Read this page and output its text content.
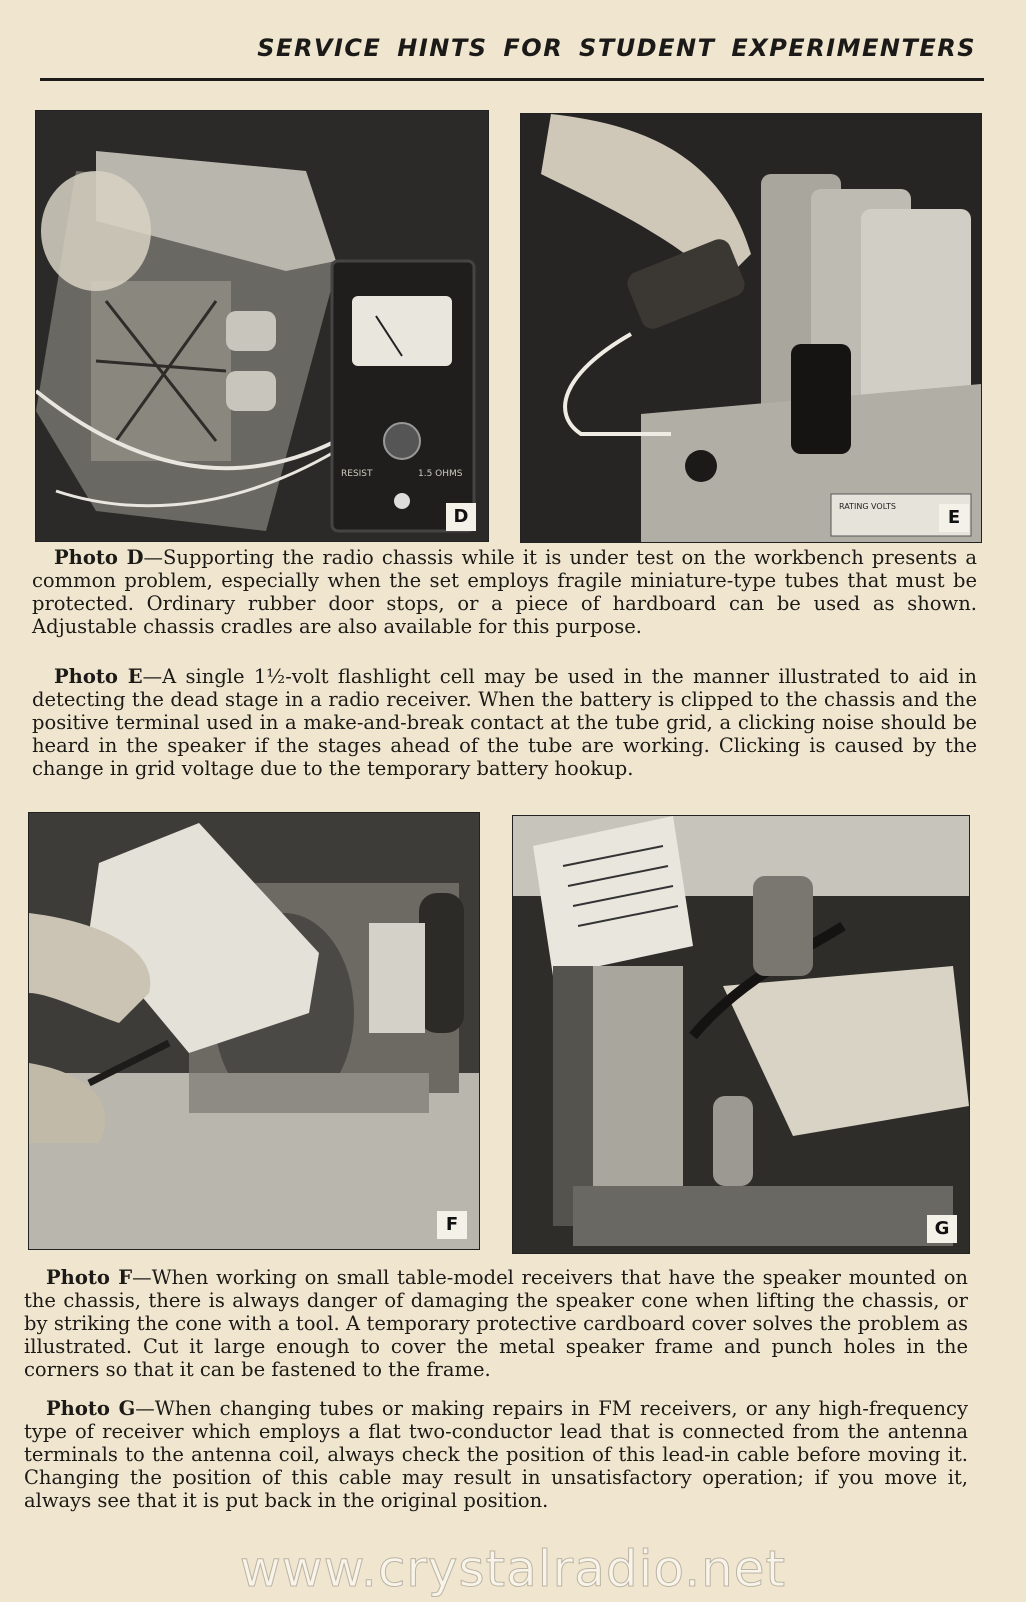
SERVICE HINTS FOR STUDENT EXPERIMENTERS
RESIST	1.5 OHMS
D	RATING VOLTS
E

Photo D—Supporting the radio chassis while it is under test on the workbench presents a common problem, especially when the set employs fragile miniature-type tubes that must be protected. Ordinary rubber door stops, or a piece of hardboard can be used as shown. Adjustable chassis cradles are also available for this purpose.

Photo E—A single 1½-volt flashlight cell may be used in the manner illustrated to aid in detecting the dead stage in a radio receiver. When the battery is clipped to the chassis and the positive terminal used in a make-and-break contact at the tube grid, a clicking noise should be heard in the speaker if the stages ahead of the tube are working. Clicking is caused by the change in grid voltage due to the temporary battery hookup.

F	G

Photo F—When working on small table-model receivers that have the speaker mounted on the chassis, there is always danger of damaging the speaker cone when lifting the chassis, or by striking the cone with a tool. A temporary protective cardboard cover solves the problem as illustrated. Cut it large enough to cover the metal speaker frame and punch holes in the corners so that it can be fastened to the frame.

Photo G—When changing tubes or making repairs in FM receivers, or any high-frequency type of receiver which employs a flat two-conductor lead that is connected from the antenna terminals to the antenna coil, always check the position of this lead-in cable before moving it. Changing the position of this cable may result in unsatisfactory operation; if you move it, always see that it is put back in the original position.

www.crystalradio.net
